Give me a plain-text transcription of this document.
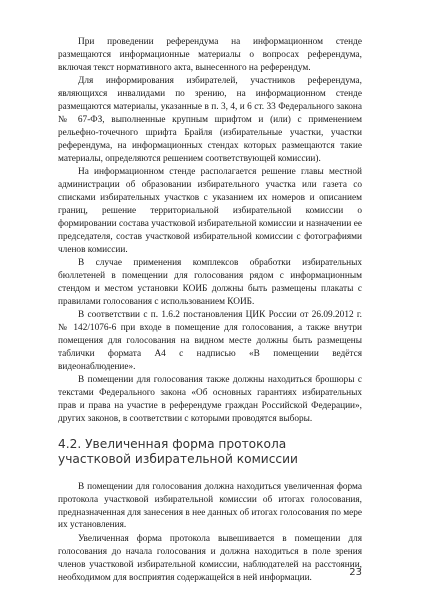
При проведении референдума на информационном стенде размещаются информационные материалы о вопросах референдума, включая текст нормативного акта, вынесенного на референдум.

Для информирования избирателей, участников референдума, являющихся инвалидами по зрению, на информационном стенде размещаются материалы, указанные в п. 3, 4, и 6 ст. 33 Федерального закона № 67-ФЗ, выполненные крупным шрифтом и (или) с применением рельефно-точечного шрифта Брайля (избирательные участки, участки референдума, на информационных стендах которых размещаются такие материалы, определяются решением соответствующей комиссии).

На информационном стенде располагается решение главы местной администрации об образовании избирательного участка или газета со списками избирательных участков с указанием их номеров и описанием границ, решение территориальной избирательной комиссии о формировании состава участковой избирательной комиссии и назначении ее председателя, состав участковой избирательной комиссии с фотографиями членов комиссии.

В случае применения комплексов обработки избирательных бюллетеней в помещении для голосования рядом с информационным стендом и местом установки КОИБ должны быть размещены плакаты с правилами голосования с использованием КОИБ.

В соответствии с п. 1.6.2 постановления ЦИК России от 26.09.2012 г. № 142/1076-6 при входе в помещение для голосования, а также внутри помещения для голосования на видном месте должны быть размещены таблички формата А4 с надписью «В помещении ведётся видеонаблюдение».

В помещении для голосования также должны находиться брошюры с текстами Федерального закона «Об основных гарантиях избирательных прав и права на участие в референдуме граждан Российской Федерации», других законов, в соответствии с которыми проводятся выборы.

4.2. Увеличенная форма протокола участковой избирательной комиссии

В помещении для голосования должна находиться увеличенная форма протокола участковой избирательной комиссии об итогах голосования, предназначенная для занесения в нее данных об итогах голосования по мере их установления.

Увеличенная форма протокола вывешивается в помещении для голосования до начала голосования и должна находиться в поле зрения членов участковой избирательной комиссии, наблюдателей на расстоянии, необходимом для восприятия содержащейся в ней информации.	23
